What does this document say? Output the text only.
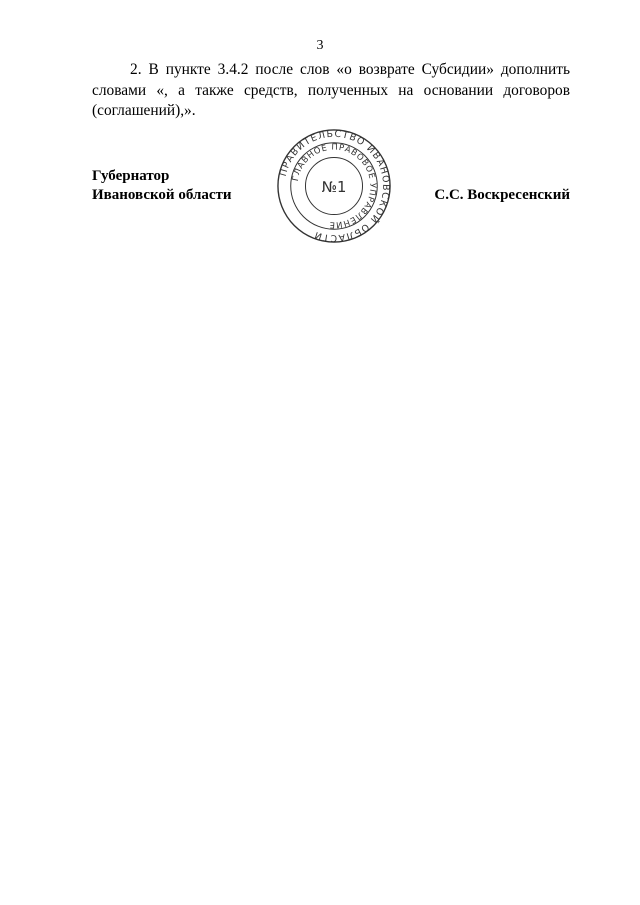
3
2. В пункте 3.4.2 после слов «о возврате Субсидии» дополнить
словами «, а также средств, полученных на основании договоров
(соглашений),».
Губернатор
Ивановской области	С.С. Воскресенский
ПРАВИТЕЛЬСТВО ИВАНОВСКОЙ ОБЛАСТИ
ГЛАВНОЕ ПРАВОВОЕ УПРАВЛЕНИЕ
№1
